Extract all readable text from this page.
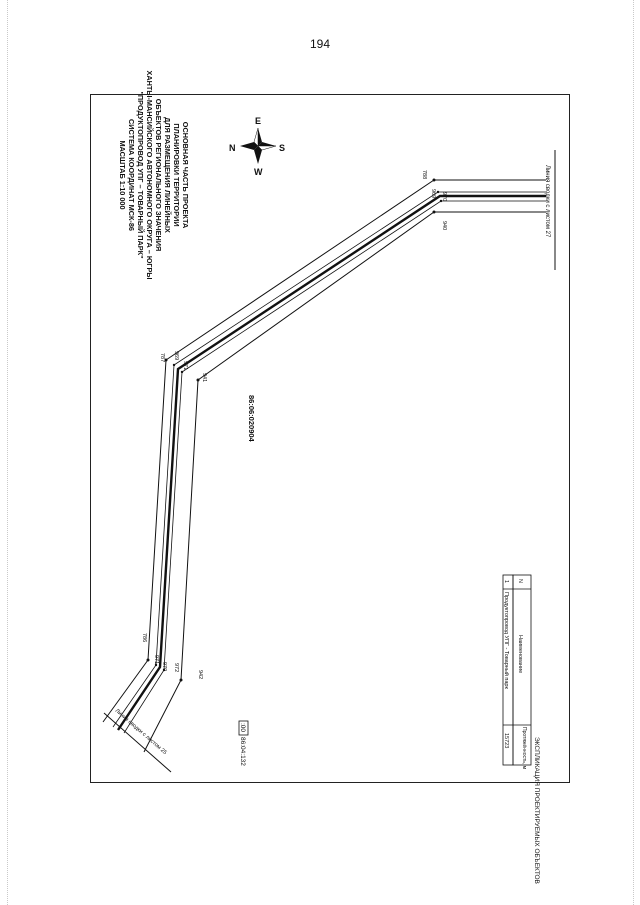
194
Линия сводки с листом 27
788
969 970
940
787 969
971
941
786
971
970 972
942
Линия сводки с листом 25
86:06:020904
:00
86:04:132
ОСНОВНАЯ ЧАСТЬ ПРОЕКТА
ПЛАНИРОВКИ ТЕРРИТОРИИ
ДЛЯ РАЗМЕЩЕНИЯ ЛИНЕЙНЫХ
ОБЪЕКТОВ РЕГИОНАЛЬНОГО ЗНАЧЕНИЯ
ХАНТЫ-МАНСИЙСКОГО АВТОНОМНОГО ОКРУГА – ЮГРЫ
"ПРОДУКТОПРОВОД УПГ – ТОВАРНЫЙ ПАРК"
СИСТЕМА КООРДИНАТ МСК-86
МАСШТАБ 1:10 000	N
E
S
W
ЭКСПЛИКАЦИЯ ПРОЕКТИРУЕМЫХ ОБЪЕКТОВ
N
Наименование
Протяжённость, м
1
Продуктопровод УПГ - Товарный парк
15723
